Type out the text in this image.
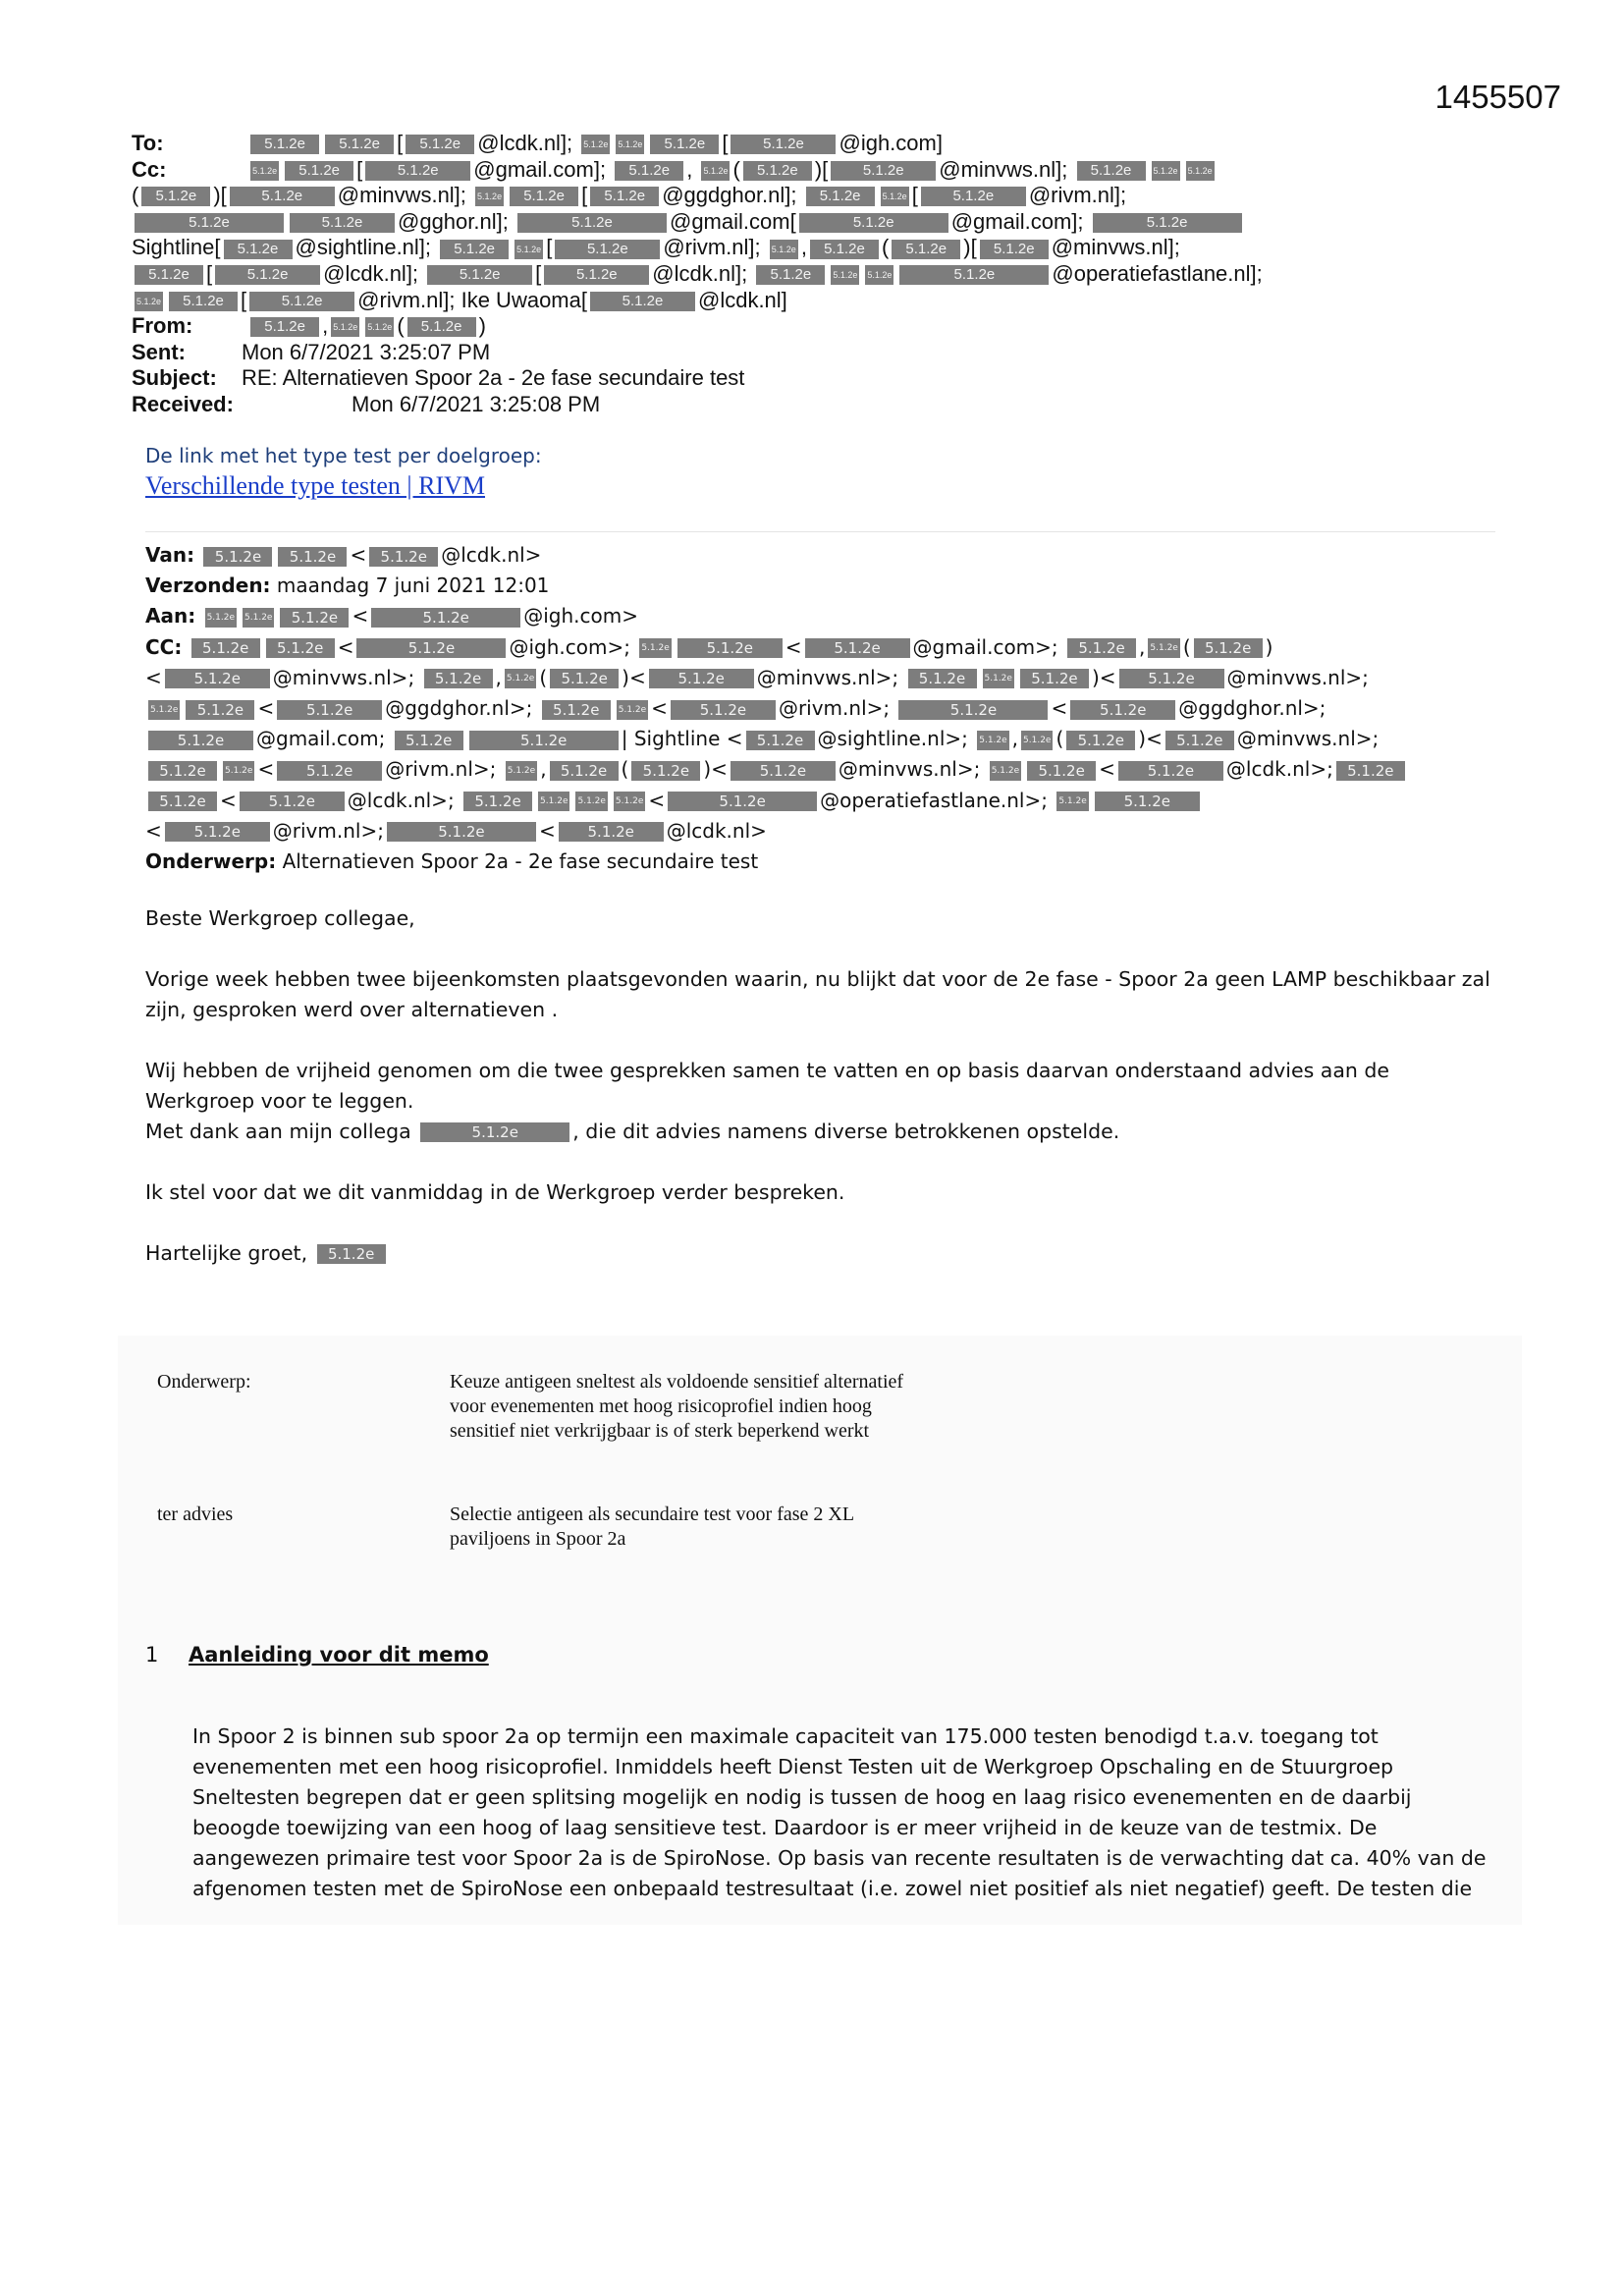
1455507
To:	5.1.2e 5.1.2e [ 5.1.2e @lcdk.nl]; 5.1.2e 5.1.2e 5.1.2e [ 5.1.2e @igh.com]
Cc:	5.1.2e 5.1.2e [ 5.1.2e @gmail.com]; 5.1.2e , 5.1.2e ( 5.1.2e )[ 5.1.2e @minvws.nl]; 5.1.2e 5.1.2e 5.1.2e
( 5.1.2e )[ 5.1.2e @minvws.nl]; 5.1.2e 5.1.2e [ 5.1.2e @ggdghor.nl]; 5.1.2e 5.1.2e [ 5.1.2e @rivm.nl];
5.1.2e	5.1.2e @gghor.nl];	5.1.2e	@gmail.com[	5.1.2e	@gmail.com];	5.1.2e
Sightline[ 5.1.2e @sightline.nl]; 5.1.2e 5.1.2e [ 5.1.2e @rivm.nl]; 5.1.2e , 5.1.2e ( 5.1.2e )[ 5.1.2e @minvws.nl];
5.1.2e [ 5.1.2e @lcdk.nl];	5.1.2e [ 5.1.2e @lcdk.nl]; 5.1.2e 5.1.2e 5.1.2e	5.1.2e	@operatiefastlane.nl];
5.1.2e 5.1.2e [ 5.1.2e @rivm.nl]; Ike Uwaoma[ 5.1.2e @lcdk.nl]
From:	5.1.2e , 5.1.2e 5.1.2e ( 5.1.2e )
Sent:	Mon 6/7/2021 3:25:07 PM
Subject: RE: Alternatieven Spoor 2a - 2e fase secundaire test
Received:	Mon 6/7/2021 3:25:08 PM
De link met het type test per doelgroep:
Verschillende type testen | RIVM
Van: 5.1.2e 5.1.2e < 5.1.2e @lcdk.nl>
Verzonden: maandag 7 juni 2021 12:01
Aan: 5.1.2e 5.1.2e 5.1.2e <	5.1.2e	@igh.com>
CC: 5.1.2e 5.1.2e <	5.1.2e	@igh.com>; 5.1.2e	5.1.2e < 5.1.2e @gmail.com>; 5.1.2e , 5.1.2e ( 5.1.2e )
< 5.1.2e @minvws.nl>; 5.1.2e , 5.1.2e ( 5.1.2e )< 5.1.2e @minvws.nl>; 5.1.2e 5.1.2e 5.1.2e )< 5.1.2e @minvws.nl>;
5.1.2e 5.1.2e < 5.1.2e @ggdghor.nl>; 5.1.2e 5.1.2e < 5.1.2e @rivm.nl>;	5.1.2e	< 5.1.2e @ggdghor.nl>;
5.1.2e @gmail.com; 5.1.2e	5.1.2e	| Sightline < 5.1.2e @sightline.nl>; 5.1.2e , 5.1.2e ( 5.1.2e )< 5.1.2e @minvws.nl>;
5.1.2e 5.1.2e < 5.1.2e @rivm.nl>; 5.1.2e , 5.1.2e ( 5.1.2e )< 5.1.2e @minvws.nl>; 5.1.2e 5.1.2e < 5.1.2e @lcdk.nl>; 5.1.2e
5.1.2e < 5.1.2e @lcdk.nl>; 5.1.2e 5.1.2e 5.1.2e 5.1.2e <	5.1.2e	@operatiefastlane.nl>; 5.1.2e	5.1.2e
< 5.1.2e @rivm.nl>;	5.1.2e	< 5.1.2e @lcdk.nl>
Onderwerp: Alternatieven Spoor 2a - 2e fase secundaire test

Beste Werkgroep collegae,

Vorige week hebben twee bijeenkomsten plaatsgevonden waarin, nu blijkt dat voor de 2e fase - Spoor 2a geen LAMP beschikbaar zal zijn, gesproken werd over alternatieven .

Wij hebben de vrijheid genomen om die twee gesprekken samen te vatten en op basis daarvan onderstaand advies aan de Werkgroep voor te leggen.

Met dank aan mijn collega	5.1.2e	, die dit advies namens diverse betrokkenen opstelde.

Ik stel voor dat we dit vanmiddag in de Werkgroep verder bespreken.

Hartelijke groet, 5.1.2e

Onderwerp:	Keuze antigeen sneltest als voldoende sensitief alternatief
voor evenementen met hoog risicoprofiel indien hoog
sensitief niet verkrijgbaar is of sterk beperkend werkt
ter advies	Selectie antigeen als secundaire test voor fase 2 XL
paviljoens in Spoor 2a
1 Aanleiding voor dit memo
In Spoor 2 is binnen sub spoor 2a op termijn een maximale capaciteit van 175.000 testen benodigd t.a.v. toegang tot evenementen met een hoog risicoprofiel. Inmiddels heeft Dienst Testen uit de Werkgroep Opschaling en de Stuurgroep Sneltesten begrepen dat er geen splitsing mogelijk en nodig is tussen de hoog en laag risico evenementen en de daarbij beoogde toewijzing van een hoog of laag sensitieve test. Daardoor is er meer vrijheid in de keuze van de testmix. De aangewezen primaire test voor Spoor 2a is de SpiroNose. Op basis van recente resultaten is de verwachting dat ca. 40% van de afgenomen testen met de SpiroNose een onbepaald testresultaat (i.e. zowel niet positief als niet negatief) geeft. De testen die
